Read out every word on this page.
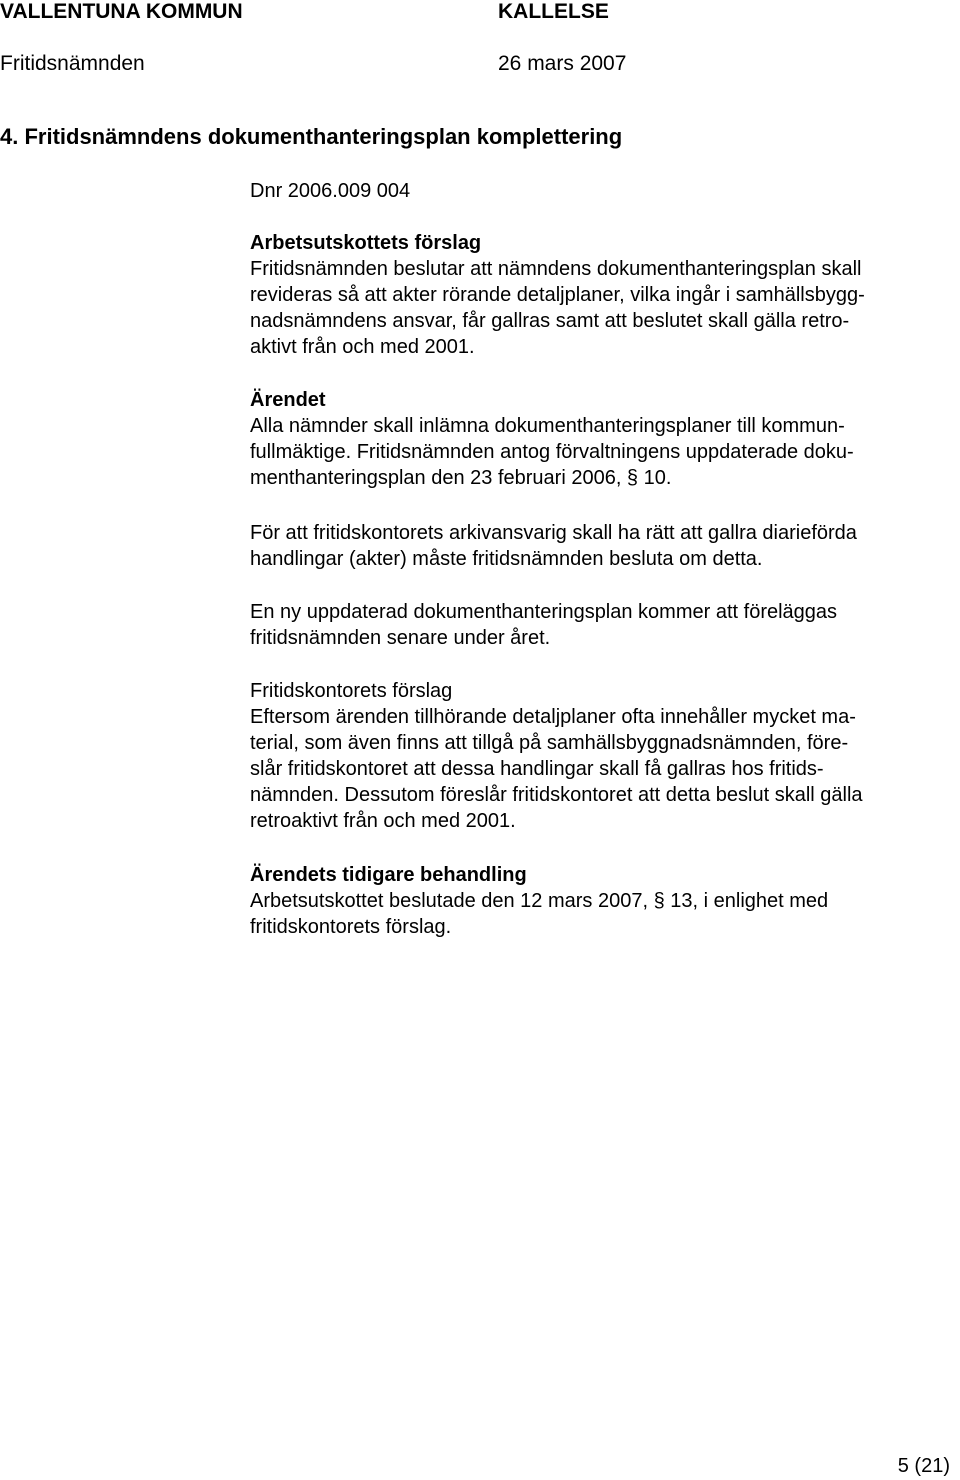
VALLENTUNA KOMMUN	KALLELSE
Fritidsnämnden	26 mars 2007
4. Fritidsnämndens dokumenthanteringsplan komplettering
Dnr 2006.009 004
Arbetsutskottets förslag
Fritidsnämnden beslutar att nämndens dokumenthanteringsplan skall
revideras så att akter rörande detaljplaner, vilka ingår i samhällsbygg-
nadsnämndens ansvar, får gallras samt att beslutet skall gälla retro-
aktivt från och med 2001.
Ärendet
Alla nämnder skall inlämna dokumenthanteringsplaner till kommun-
fullmäktige. Fritidsnämnden antog förvaltningens uppdaterade doku-
menthanteringsplan den 23 februari 2006, § 10.
För att fritidskontorets arkivansvarig skall ha rätt att gallra diarieförda
handlingar (akter) måste fritidsnämnden besluta om detta.
En ny uppdaterad dokumenthanteringsplan kommer att föreläggas
fritidsnämnden senare under året.
Fritidskontorets förslag
Eftersom ärenden tillhörande detaljplaner ofta innehåller mycket ma-
terial, som även finns att tillgå på samhällsbyggnadsnämnden, före-
slår fritidskontoret att dessa handlingar skall få gallras hos fritids-
nämnden. Dessutom föreslår fritidskontoret att detta beslut skall gälla
retroaktivt från och med 2001.
Ärendets tidigare behandling
Arbetsutskottet beslutade den 12 mars 2007, § 13, i enlighet med
fritidskontorets förslag.
5 (21)
